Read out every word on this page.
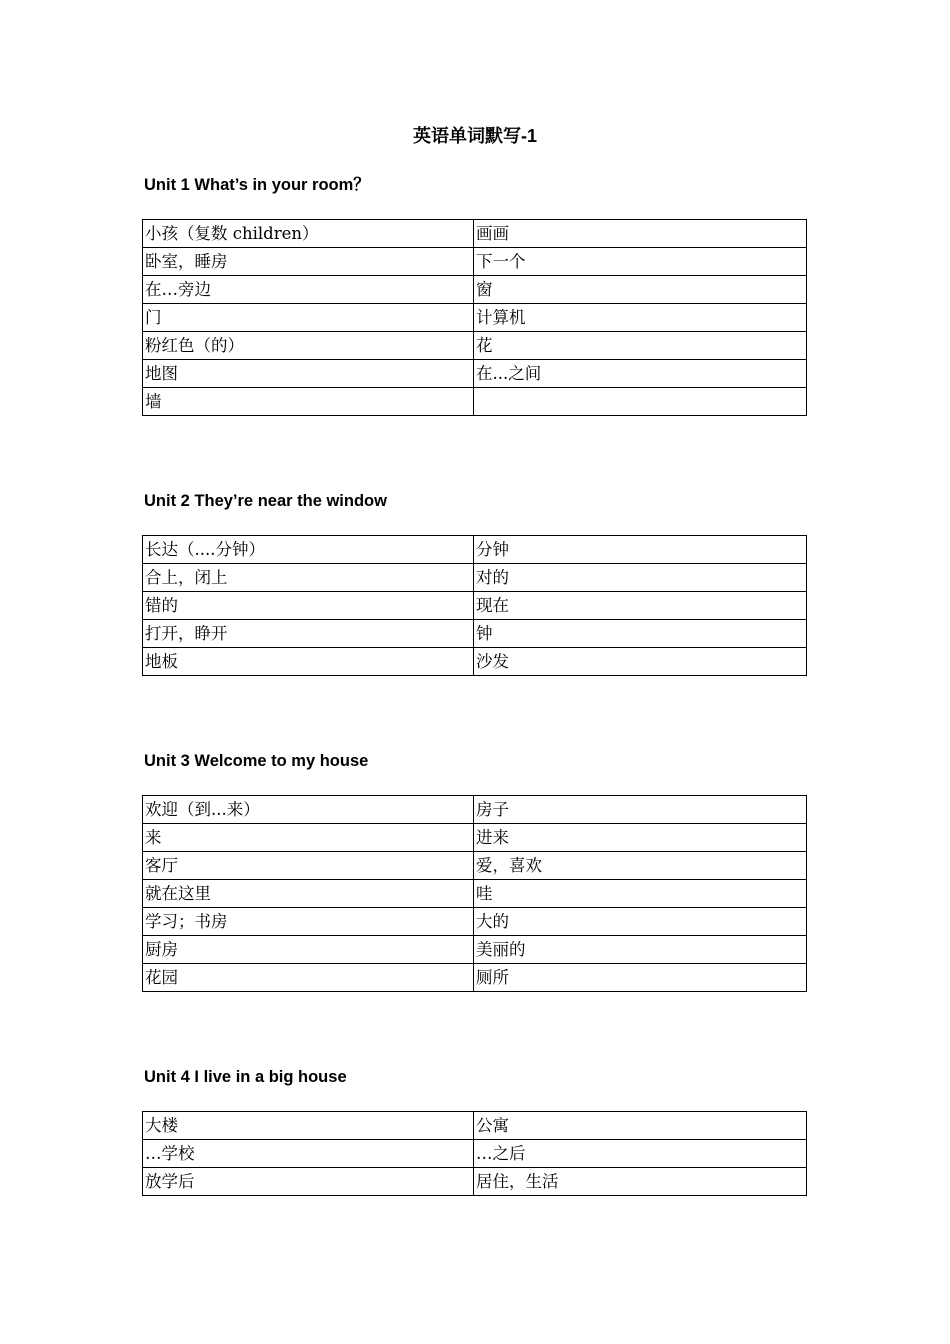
英语单词默写-1
Unit 1 What’s in your room？
小孩（复数 children）	画画
卧室，睡房	下一个
在…旁边	窗
门	计算机
粉红色（的）	花
地图	在...之间
墙	
Unit 2 They’re near the window
长达（....分钟）	分钟
合上，闭上	对的
错的	现在
打开，睁开	钟
地板	沙发
Unit 3 Welcome to my house
欢迎（到...来）	房子
来	进来
客厅	爱，喜欢
就在这里	哇
学习；书房	大的
厨房	美丽的
花园	厕所
Unit 4 I live in a big house
大楼	公寓
…学校	…之后
放学后	居住，生活
